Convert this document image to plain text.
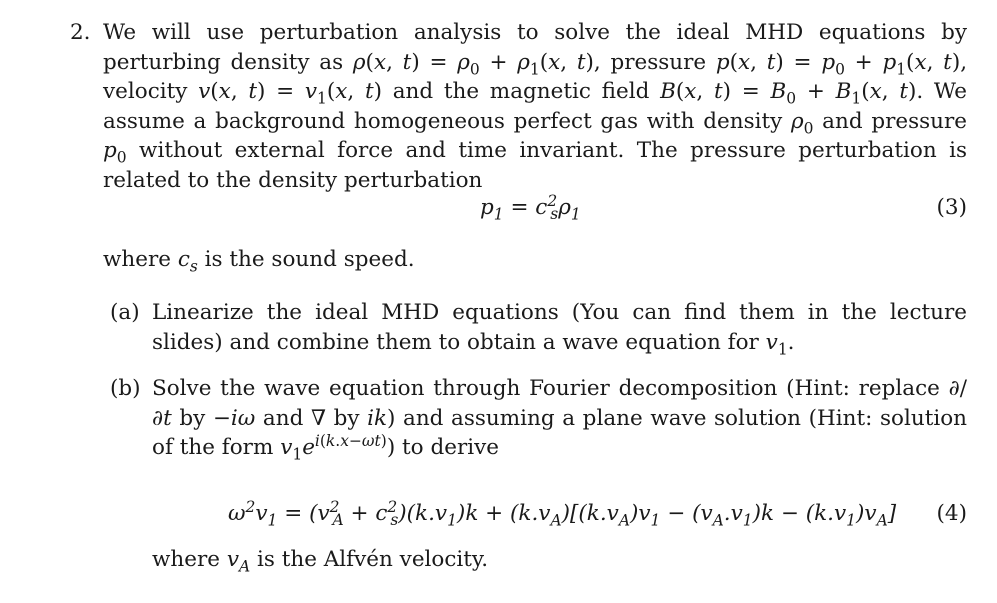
2. We will use perturbation analysis to solve the ideal MHD equations by perturbing density as ρ(x, $t) = \rho_0 + \rho_1(x$, t), pressure p(x, $t) = p_0 + p_1(x$, t), velocity v(x, $t) = v_1(x$, t) and the magnetic field B(x, $t) = B_0 + B_1(x$, t). We assume a background homogeneous perfect gas with density $\rho_0$ and pressure $p_0$ without external force and time invariant. The pressure perturbation is related to the density perturbation
$p_1 = c^2_s\rho_1$	(3)
where $c_s$ is the sound speed.
(a) Linearize the ideal MHD equations (You can find them in the lecture slides) and combine them to obtain a wave equation for $v_1$.
(b) Solve the wave equation through Fourier decomposition (Hint: replace ∂/∂t by −iω and ∇ by ik) and assuming a plane wave solution (Hint: solution of the form $v_1e^{i(k.x-\omega t)}$) to derive
$\omega^2v_1 = (v^2_A + c^2_s)(k.v_1)k + (k.v_A)[(k.v_A)v_1 - (v_A.v_1)k - (k.v_1)v_A]$ (4)
where $v_A$ is the Alfvén velocity.
